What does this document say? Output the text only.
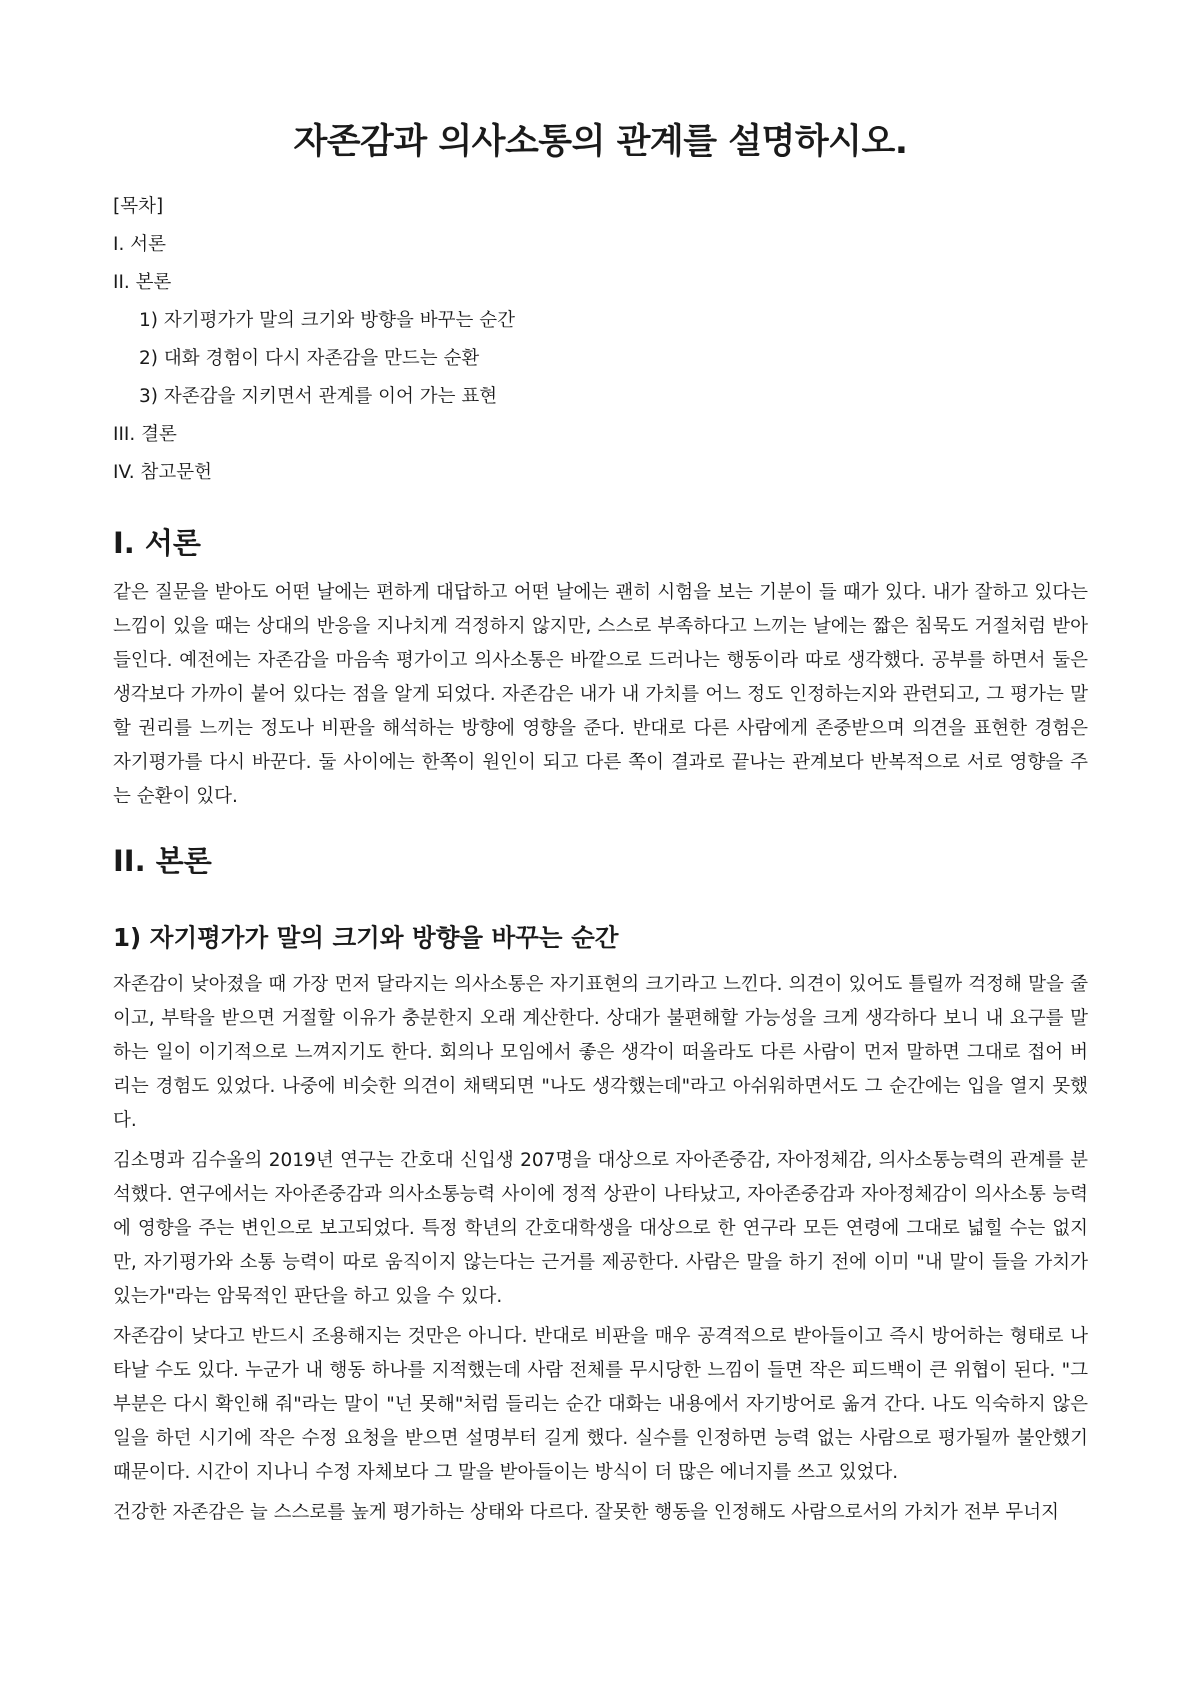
자존감과 의사소통의 관계를 설명하시오.
[목차]
I. 서론
II. 본론
1) 자기평가가 말의 크기와 방향을 바꾸는 순간
2) 대화 경험이 다시 자존감을 만드는 순환
3) 자존감을 지키면서 관계를 이어 가는 표현
III. 결론
IV. 참고문헌
I. 서론

같은 질문을 받아도 어떤 날에는 편하게 대답하고 어떤 날에는 괜히 시험을 보는 기분이 들 때가 있다. 내가 잘하고 있다는 느낌이 있을 때는 상대의 반응을 지나치게 걱정하지 않지만, 스스로 부족하다고 느끼는 날에는 짧은 침묵도 거절처럼 받아들인다. 예전에는 자존감을 마음속 평가이고 의사소통은 바깥으로 드러나는 행동이라 따로 생각했다. 공부를 하면서 둘은 생각보다 가까이 붙어 있다는 점을 알게 되었다. 자존감은 내가 내 가치를 어느 정도 인정하는지와 관련되고, 그 평가는 말할 권리를 느끼는 정도나 비판을 해석하는 방향에 영향을 준다. 반대로 다른 사람에게 존중받으며 의견을 표현한 경험은 자기평가를 다시 바꾼다. 둘 사이에는 한쪽이 원인이 되고 다른 쪽이 결과로 끝나는 관계보다 반복적으로 서로 영향을 주는 순환이 있다.

II. 본론
1) 자기평가가 말의 크기와 방향을 바꾸는 순간

자존감이 낮아졌을 때 가장 먼저 달라지는 의사소통은 자기표현의 크기라고 느낀다. 의견이 있어도 틀릴까 걱정해 말을 줄이고, 부탁을 받으면 거절할 이유가 충분한지 오래 계산한다. 상대가 불편해할 가능성을 크게 생각하다 보니 내 요구를 말하는 일이 이기적으로 느껴지기도 한다. 회의나 모임에서 좋은 생각이 떠올라도 다른 사람이 먼저 말하면 그대로 접어 버리는 경험도 있었다. 나중에 비슷한 의견이 채택되면 "나도 생각했는데"라고 아쉬워하면서도 그 순간에는 입을 열지 못했다.

김소명과 김수올의 2019년 연구는 간호대 신입생 207명을 대상으로 자아존중감, 자아정체감, 의사소통능력의 관계를 분석했다. 연구에서는 자아존중감과 의사소통능력 사이에 정적 상관이 나타났고, 자아존중감과 자아정체감이 의사소통 능력에 영향을 주는 변인으로 보고되었다. 특정 학년의 간호대학생을 대상으로 한 연구라 모든 연령에 그대로 넓힐 수는 없지만, 자기평가와 소통 능력이 따로 움직이지 않는다는 근거를 제공한다. 사람은 말을 하기 전에 이미 "내 말이 들을 가치가 있는가"라는 암묵적인 판단을 하고 있을 수 있다.

자존감이 낮다고 반드시 조용해지는 것만은 아니다. 반대로 비판을 매우 공격적으로 받아들이고 즉시 방어하는 형태로 나타날 수도 있다. 누군가 내 행동 하나를 지적했는데 사람 전체를 무시당한 느낌이 들면 작은 피드백이 큰 위협이 된다. "그 부분은 다시 확인해 줘"라는 말이 "넌 못해"처럼 들리는 순간 대화는 내용에서 자기방어로 옮겨 간다. 나도 익숙하지 않은 일을 하던 시기에 작은 수정 요청을 받으면 설명부터 길게 했다. 실수를 인정하면 능력 없는 사람으로 평가될까 불안했기 때문이다. 시간이 지나니 수정 자체보다 그 말을 받아들이는 방식이 더 많은 에너지를 쓰고 있었다.

건강한 자존감은 늘 스스로를 높게 평가하는 상태와 다르다. 잘못한 행동을 인정해도 사람으로서의 가치가 전부 무너지
